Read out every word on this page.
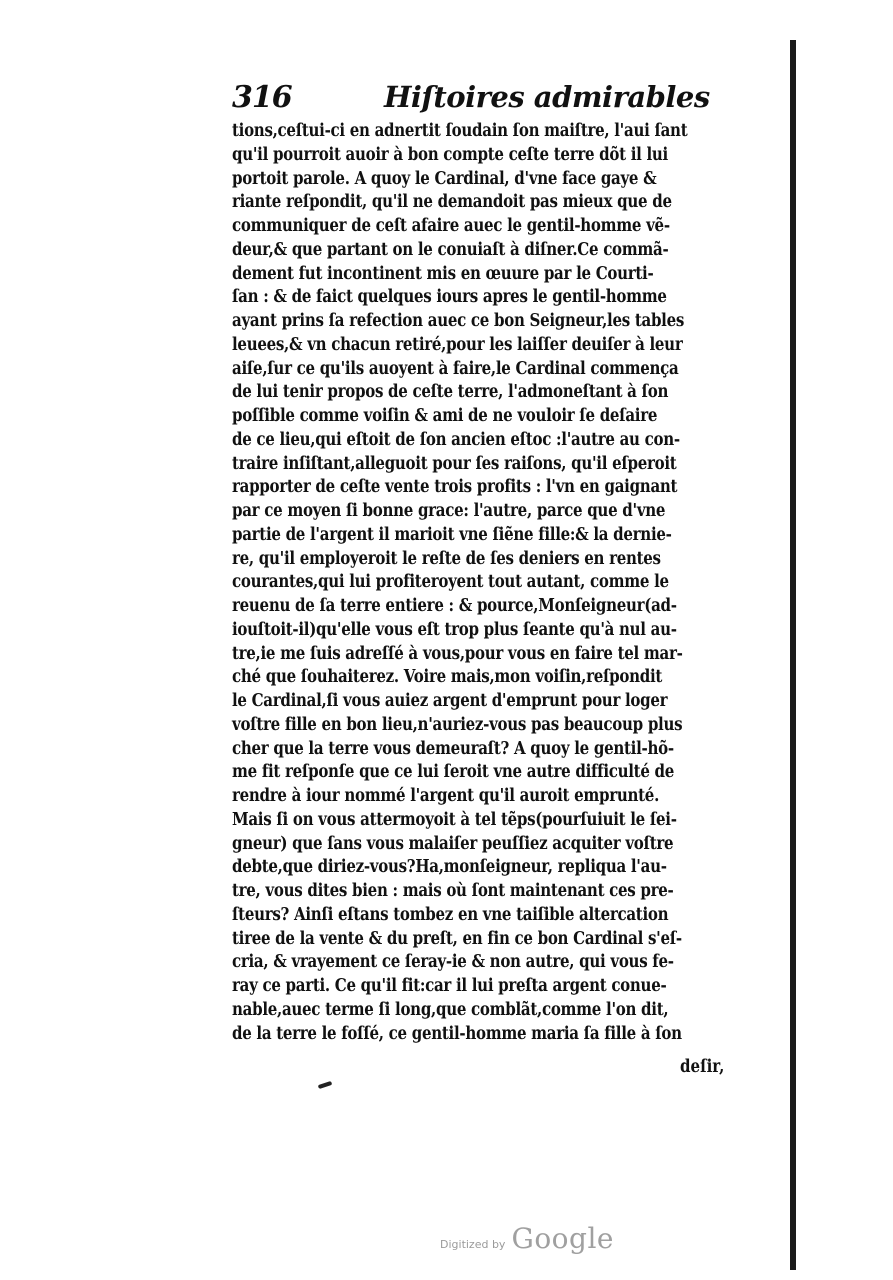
316	Hiſtoires admirables
tions,ceſtui-ci en adnertit ſoudain ſon maiſtre, l'aui ſant
qu'il pourroit auoir à bon compte ceſte terre dõt il lui
portoit parole. A quoy le Cardinal, d'vne face gaye &
riante reſpondit, qu'il ne demandoit pas mieux que de
communiquer de ceſt afaire auec le gentil-homme vẽ-
deur,& que partant on le conuiaſt à diſner.Ce commã-
dement fut incontinent mis en œuure par le Courti-
ſan : & de faict quelques iours apres le gentil-homme
ayant prins ſa refection auec ce bon Seigneur,les tables
leuees,& vn chacun retiré,pour les laiſſer deuiſer à leur
aiſe,ſur ce qu'ils auoyent à faire,le Cardinal commença
de lui tenir propos de ceſte terre, l'admoneſtant à ſon
poſſible comme voiſin & ami de ne vouloir ſe deſaire
de ce lieu,qui eſtoit de ſon ancien eſtoc :l'autre au con-
traire inſiſtant,alleguoit pour ſes raiſons, qu'il eſperoit
rapporter de ceſte vente trois profits : l'vn en gaignant
par ce moyen ſi bonne grace: l'autre, parce que d'vne
partie de l'argent il marioit vne ſiẽne fille:& la dernie-
re, qu'il employeroit le reſte de ſes deniers en rentes
courantes,qui lui profiteroyent tout autant, comme le
reuenu de ſa terre entiere : & pource,Monſeigneur(ad-
iouſtoit-il)qu'elle vous eſt trop plus ſeante qu'à nul au-
tre,ie me ſuis adreſſé à vous,pour vous en faire tel mar-
ché que ſouhaiterez. Voire mais,mon voiſin,reſpondit
le Cardinal,ſi vous auiez argent d'emprunt pour loger
voſtre fille en bon lieu,n'auriez-vous pas beaucoup plus
cher que la terre vous demeuraſt? A quoy le gentil-hõ-
me fit reſponſe que ce lui ſeroit vne autre difficulté de
rendre à iour nommé l'argent qu'il auroit emprunté.
Mais ſi on vous attermoyoit à tel tẽps(pourſuiuit le ſei-
gneur) que ſans vous malaiſer peuſſiez acquiter voſtre
debte,que diriez-vous?Ha,monſeigneur, repliqua l'au-
tre, vous dites bien : mais où ſont maintenant ces pre-
ſteurs? Ainſi eſtans tombez en vne taiſible altercation
tiree de la vente & du preſt, en fin ce bon Cardinal s'eſ-
cria, & vrayement ce ſeray-ie & non autre, qui vous fe-
ray ce parti. Ce qu'il fit:car il lui preſta argent conue-
nable,auec terme ſi long,que comblãt,comme l'on dit,
de la terre le foſſé, ce gentil-homme maria ſa fille à ſon
deſir,
Digitized by Google
